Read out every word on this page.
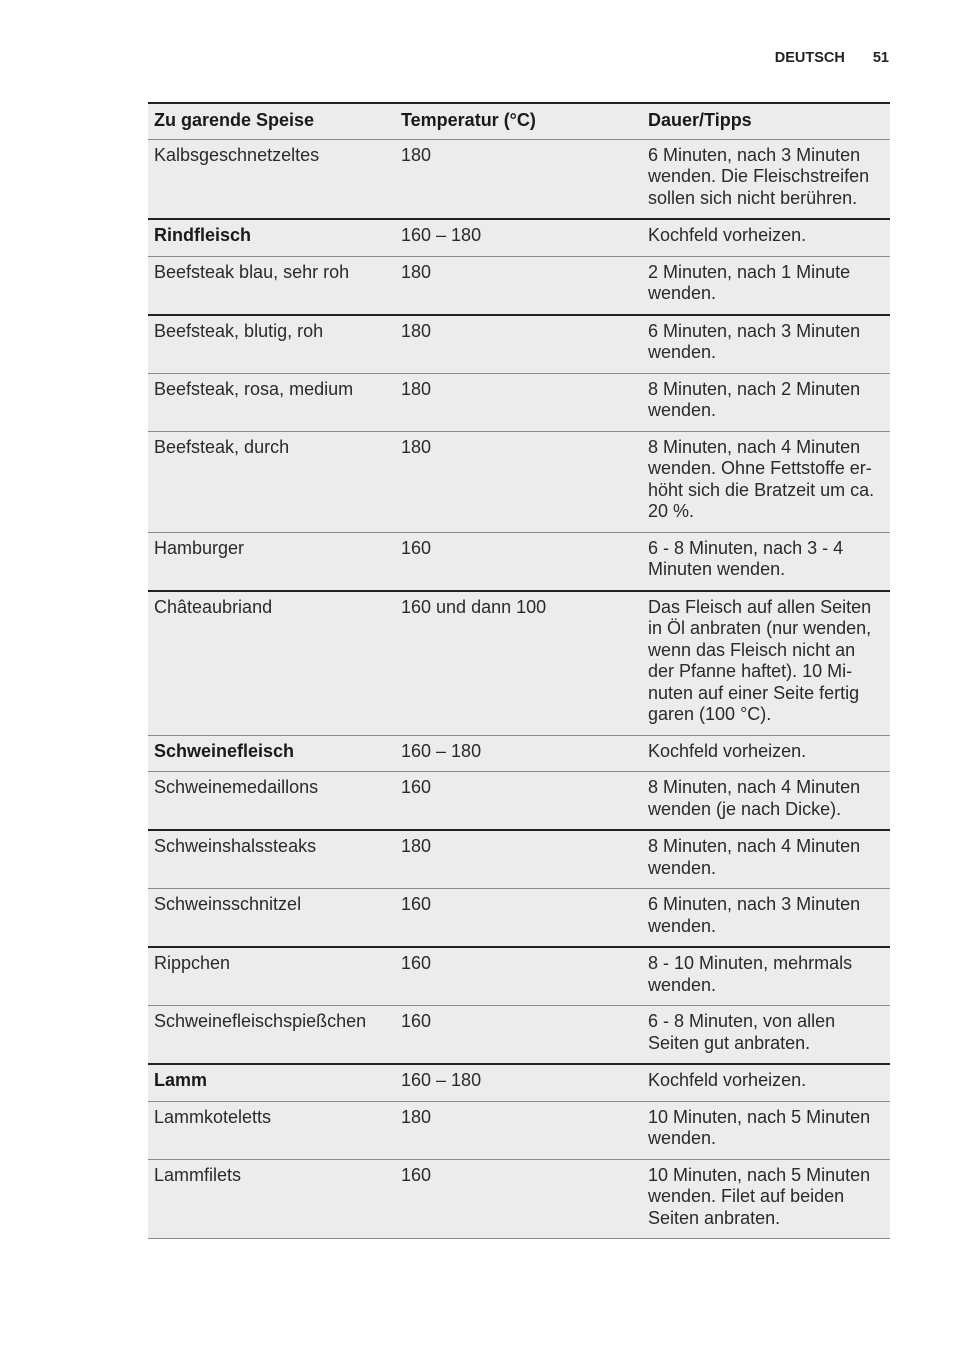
DEUTSCH 51
Zu garende Speise	Temperatur (°C)	Dauer/Tipps
Kalbsgeschnetzeltes	180	6 Minuten, nach 3 Minuten wenden. Die Fleischstreifen sollen sich nicht berühren.
Rindfleisch	160 – 180	Kochfeld vorheizen.
Beefsteak blau, sehr roh	180	2 Minuten, nach 1 Minute wenden.
Beefsteak, blutig, roh	180	6 Minuten, nach 3 Minuten wenden.
Beefsteak, rosa, medium	180	8 Minuten, nach 2 Minuten wenden.
Beefsteak, durch	180	8 Minuten, nach 4 Minuten wenden. Ohne Fettstoffe er-
höht sich die Bratzeit um ca. 20 %.
Hamburger	160	6 - 8 Minuten, nach 3 - 4 Minuten wenden.
Châteaubriand	160 und dann 100	Das Fleisch auf allen Seiten in Öl anbraten (nur wenden, wenn das Fleisch nicht an der Pfanne haftet). 10 Mi-
nuten auf einer Seite fertig garen (100 °C).
Schweinefleisch	160 – 180	Kochfeld vorheizen.
Schweinemedaillons	160	8 Minuten, nach 4 Minuten wenden (je nach Dicke).
Schweinshalssteaks	180	8 Minuten, nach 4 Minuten wenden.
Schweinsschnitzel	160	6 Minuten, nach 3 Minuten wenden.
Rippchen	160	8 - 10 Minuten, mehrmals wenden.
Schweinefleischspießchen	160	6 - 8 Minuten, von allen Seiten gut anbraten.
Lamm	160 – 180	Kochfeld vorheizen.
Lammkoteletts	180	10 Minuten, nach 5 Minuten wenden.
Lammfilets	160	10 Minuten, nach 5 Minuten wenden. Filet auf beiden Seiten anbraten.
